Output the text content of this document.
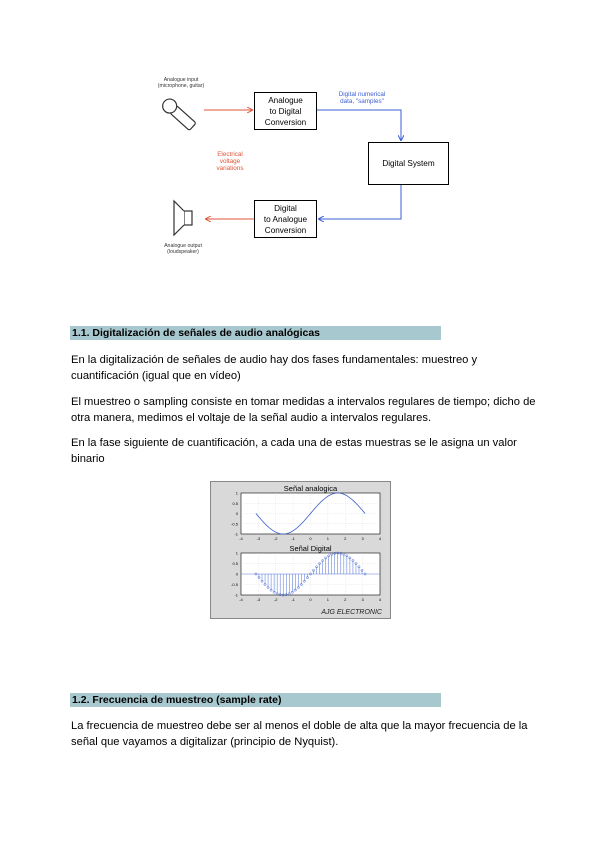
Analogue input
(microphone, guitar)
Analogue
to Digital
Conversion
Digital System
Digital
to Analogue
Conversion
Digital numerical
data, "samples"
Electrical
voltage
variations
Analogue output
(loudspeaker)
1.1. Digitalización de señales de audio analógicas

En la digitalización de señales de audio hay dos fases fundamentales: muestreo y cuantificación (igual que en vídeo)

El muestreo o sampling consiste en tomar medidas a intervalos regulares de tiempo; dicho de otra manera, medimos el voltaje de la señal audio a intervalos regulares.

En la fase siguiente de cuantificación, a cada una de estas muestras se le asigna un valor binario

Señal analogica
1
0.5
0
-0.5
-1
-4	-3	-2	-1	0	1	2	3	4
Señal Digital
1
0.5
0
-0.5
-1
-4	-3	-2	-1	0	1	2	3	4
AJG ELECTRONIC
1.2. Frecuencia de muestreo (sample rate)

La frecuencia de muestreo debe ser al menos el doble de alta que la mayor frecuencia de la señal que vayamos a digitalizar (principio de Nyquist).
